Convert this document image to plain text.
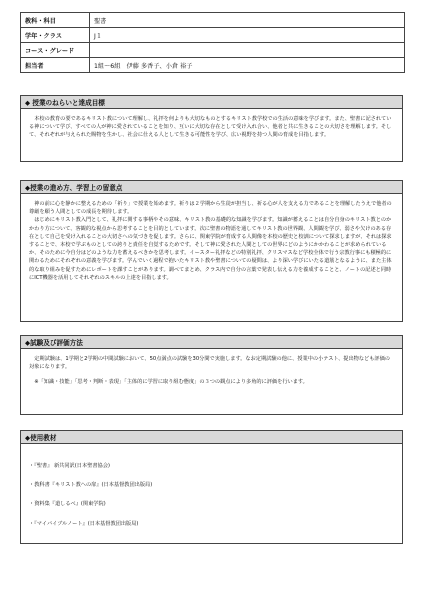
教科・科目	聖書
学年・クラス	J１
コース・グレード	
担当者	1組〜6組　伊藤 多香子、小倉 裕子
◆ 授業のねらいと達成目標

本校の教育の要であるキリスト教について理解し、礼拝を何よりも大切なものとするキリスト教学校での生活の意味を学びます。また、聖書に記されている神について学び、すべての人が神に愛されていることを知り、互いに大切な存在として受け入れ合い、他者と共に生きることの大切さを理解します。そして、それぞれが与えられた賜物を生かし、社会に仕える人として生きる可能性を学び、広い視野を持つ人間の育成を目指します。

◆授業の進め方、学習上の留意点

神の前に心を静かに整えるための「祈り」で授業を始めます。祈りは２学期から生徒が担当し、祈る心が人を支える力であることを理解したうえで他者の尊厳を願う人間としての成長を期待します。

はじめにキリスト教入門として、礼拝に関する事柄やその意味、キリスト教の基礎的な知識を学びます。知識が蓄えることは自分自身のキリスト教とのかかわり方について、客観的な視点から思考することを目的としています。次に聖書の物語を通してキリスト教の世界観、人間観を学び、弱さや欠けのある存在として自己を受け入れることの大切さへの気づきを促します。さらに、関東学院が育成する人間像を本校の歴史と校訓について探求しますが、それは探求することで、本校で学ぶものとしての誇りと責任を自覚するためです。そして神に愛された人間としての世界にどのようにかかわることが求められているか、そのために今自分はどのような力を蓄えるべきかを思考します。イースター礼拝などの特別礼拝、クリスマスなど学校全体で行う宗教行事にも積極的に関わるためにそれぞれの意義を学びます。学んでいく過程で抱いたキリスト教や聖書についての疑問は、より深い学びにいたる道筋となるように、また主体的な取り組みを促すためにレポートを課すことがあります。調べてまとめ、クラス内で自分の言葉で発表し伝える力を養成することと、ノートの記述と同時にICT機器を活用してそれぞれのスキルの上達を目指します。

◆試験及び評価方法

定期試験は、1学期と2学期の中間試験において、50点満点の試験を30分間で実施します。なお定期試験の他に、授業中の小テスト、提出物なども評価の対象になります。

※「知識・技能」「思考・判断・表現」「主体的に学習に取り組む態度」の３つの観点により多角的に評価を行います。

◆使用教材
・『聖書』 新共同訳(日本聖書協会)
・教科書『キリスト教への扉』(日本基督教団出版局)
・資料集『道しるべ』(関東学院)
・『マイバイブルノート』(日本基督教団出版局)
